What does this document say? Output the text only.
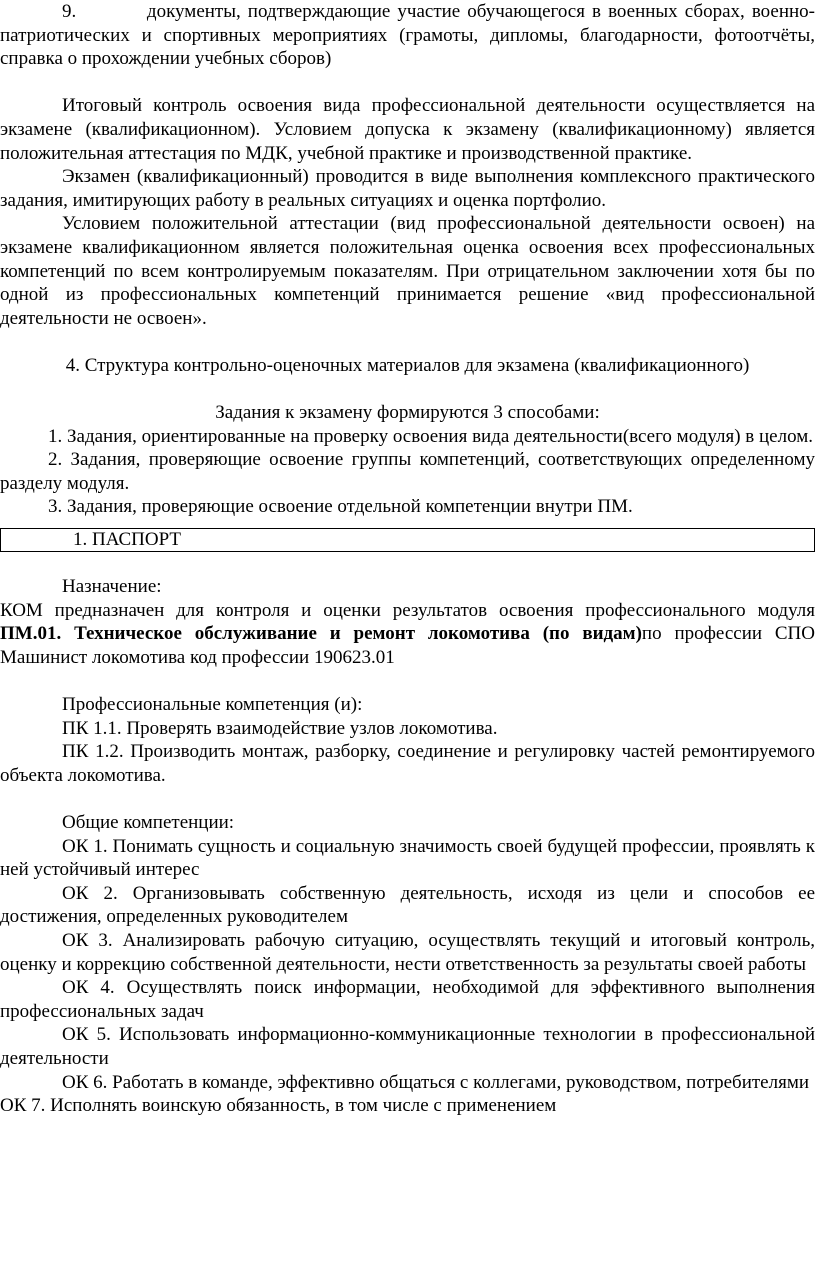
9.          документы, подтверждающие участие обучающегося в военных сборах, военно-патриотических и спортивных мероприятиях (грамоты, дипломы, благодарности, фотоотчёты, справка о прохождении учебных сборов)

Итоговый контроль освоения вида профессиональной деятельности осуществляется на экзамене (квалификационном). Условием допуска к экзамену (квалификационному) является положительная аттестация по МДК, учебной практике и производственной практике.

Экзамен (квалификационный) проводится в виде выполнения комплексного практического задания, имитирующих работу в реальных ситуациях и оценка портфолио.

Условием положительной аттестации (вид профессиональной деятельности освоен) на экзамене квалификационном является положительная оценка освоения всех профессиональных компетенций по всем контролируемым показателям. При отрицательном заключении хотя бы по одной из профессиональных компетенций принимается решение «вид профессиональной деятельности не освоен».

4. Структура контрольно-оценочных материалов для экзамена (квалификационного)

Задания к экзамену формируются 3 способами:

1. Задания, ориентированные на проверку освоения вида деятельности(всего модуля) в целом.

2. Задания, проверяющие освоение группы компетенций, соответствующих определенному разделу модуля.

3. Задания, проверяющие освоение отдельной компетенции внутри ПМ.

1. ПАСПОРТ

Назначение:

КОМ предназначен для контроля и оценки результатов освоения профессионального модуля ПМ.01. Техническое обслуживание и ремонт локомотива (по видам)по профессии СПО Машинист локомотива код профессии 190623.01

Профессиональные компетенция (и):

ПК 1.1. Проверять взаимодействие узлов локомотива.

ПК 1.2. Производить монтаж, разборку, соединение и регулировку частей ремонтируемого объекта локомотива.

Общие компетенции:

ОК 1. Понимать сущность и социальную значимость своей будущей профессии, проявлять к ней устойчивый интерес

ОК 2. Организовывать собственную деятельность, исходя из цели и способов ее достижения, определенных руководителем

ОК 3. Анализировать рабочую ситуацию, осуществлять текущий и итоговый контроль, оценку и коррекцию собственной деятельности, нести ответственность за результаты своей работы

ОК 4. Осуществлять поиск информации, необходимой для эффективного выполнения профессиональных задач

ОК 5. Использовать информационно-коммуникационные технологии в профессиональной деятельности

ОК 6. Работать в команде, эффективно общаться с коллегами, руководством, потребителями

ОК 7. Исполнять воинскую обязанность, в том числе с применением
